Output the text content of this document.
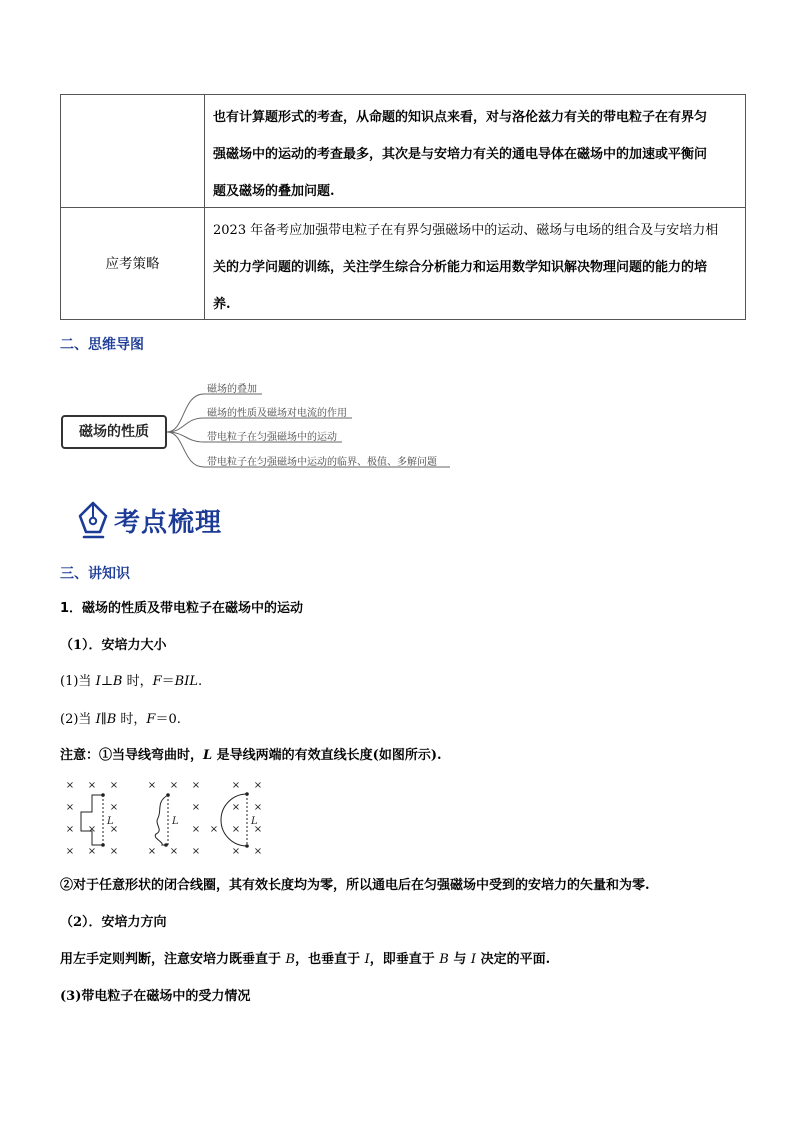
也有计算题形式的考查，从命题的知识点来看，对与洛伦兹力有关的带电粒子在有界匀
强磁场中的运动的考查最多，其次是与安培力有关的通电导体在磁场中的加速或平衡问
题及磁场的叠加问题.
应考策略
2023 年备考应加强带电粒子在有界匀强磁场中的运动、磁场与电场的组合及与安培力相
关的力学问题的训练，关注学生综合分析能力和运用数学知识解决物理问题的能力的培
养.
二、思维导图
磁场的性质
磁场的叠加
磁场的性质及磁场对电流的作用
带电粒子在匀强磁场中的运动
带电粒子在匀强磁场中运动的临界、极值、多解问题
考点梳理
三、讲知识
1．磁场的性质及带电粒子在磁场中的运动
（1）．安培力大小
(1)当 I⊥B 时，F＝BIL.
(2)当 I∥B 时，F＝0.
注意：①当导线弯曲时，L 是导线两端的有效直线长度(如图所示).
× × ×
×	×
× × ×
× × ×
× × ×
×
×
× × ×
× ×
× ×
× × ×
× ×
L	L	L
②对于任意形状的闭合线圈，其有效长度均为零，所以通电后在匀强磁场中受到的安培力的矢量和为零.
（2）．安培力方向
用左手定则判断，注意安培力既垂直于 B，也垂直于 I，即垂直于 B 与 I 决定的平面.
(3)带电粒子在磁场中的受力情况
